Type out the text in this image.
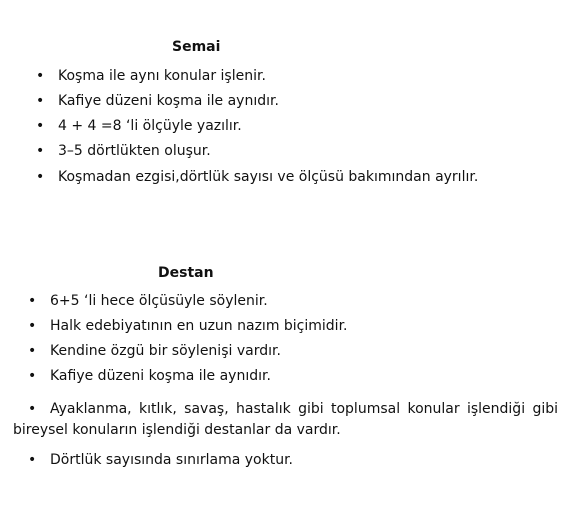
Semai
• Koşma ile aynı konular işlenir.
• Kafiye düzeni koşma ile aynıdır.
• 4 + 4 =8 ‘li ölçüyle yazılır.
• 3–5 dörtlükten oluşur.
• Koşmadan ezgisi,dörtlük sayısı ve ölçüsü bakımından ayrılır.
Destan
• 6+5 ‘li hece ölçüsüyle söylenir.
• Halk edebiyatının en uzun nazım biçimidir.
• Kendine özgü bir söylenişi vardır.
• Kafiye düzeni koşma ile aynıdır.
• Ayaklanma, kıtlık, savaş, hastalık gibi toplumsal konular işlendiği gibi bireysel konuların işlendiği destanlar da vardır.
• Dörtlük sayısında sınırlama yoktur.
